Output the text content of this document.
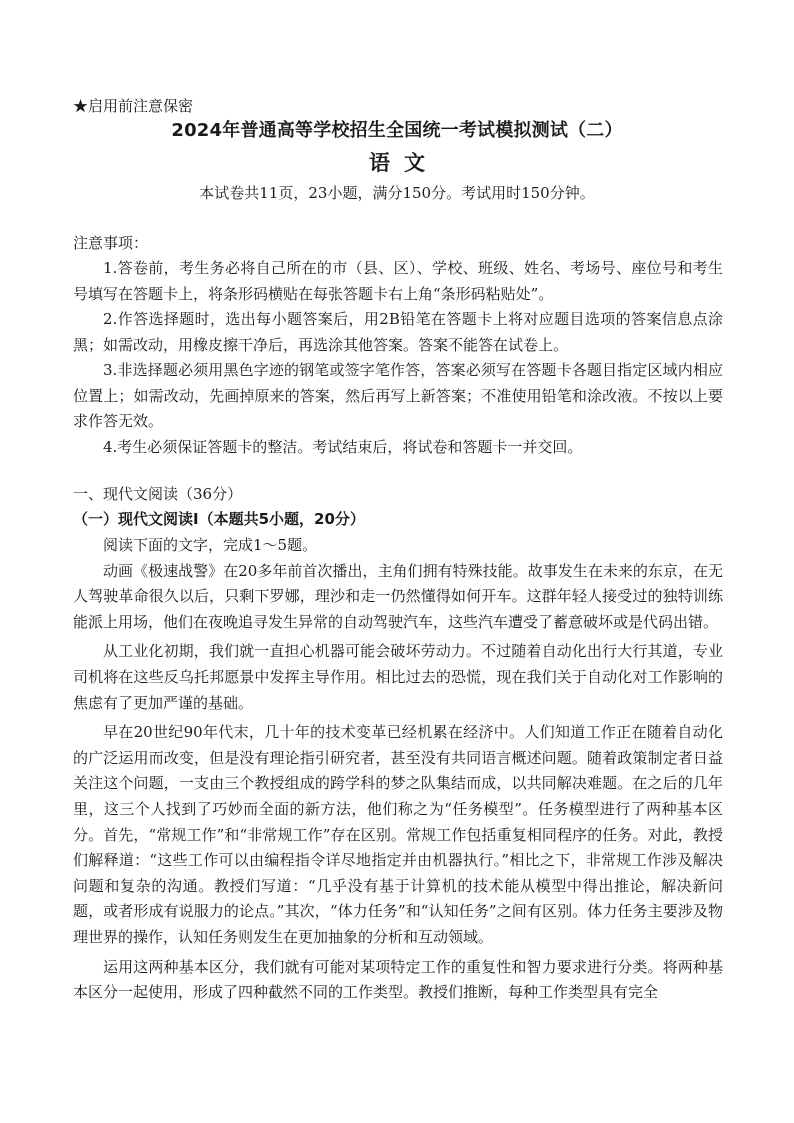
★启用前注意保密
2024年普通高等学校招生全国统一考试模拟测试（二）
语文
本试卷共11页，23小题，满分150分。考试用时150分钟。
注意事项：

1.答卷前，考生务必将自己所在的市（县、区）、学校、班级、姓名、考场号、座位号和考生号填写在答题卡上，将条形码横贴在每张答题卡右上角“条形码粘贴处”。

2.作答选择题时，选出每小题答案后，用2B铅笔在答题卡上将对应题目选项的答案信息点涂黑；如需改动，用橡皮擦干净后，再选涂其他答案。答案不能答在试卷上。

3.非选择题必须用黑色字迹的钢笔或签字笔作答，答案必须写在答题卡各题目指定区域内相应位置上；如需改动，先画掉原来的答案，然后再写上新答案；不准使用铅笔和涂改液。不按以上要求作答无效。

4.考生必须保证答题卡的整洁。考试结束后，将试卷和答题卡一并交回。

一、现代文阅读（36分）
（一）现代文阅读Ⅰ（本题共5小题，20分）

阅读下面的文字，完成1～5题。

动画《极速战警》在20多年前首次播出，主角们拥有特殊技能。故事发生在未来的东京，在无人驾驶革命很久以后，只剩下罗娜，理沙和走一仍然懂得如何开车。这群年轻人接受过的独特训练能派上用场，他们在夜晚追寻发生异常的自动驾驶汽车，这些汽车遭受了蓄意破坏或是代码出错。

从工业化初期，我们就一直担心机器可能会破坏劳动力。不过随着自动化出行大行其道，专业司机将在这些反乌托邦愿景中发挥主导作用。相比过去的恐慌，现在我们关于自动化对工作影响的焦虑有了更加严谨的基础。

早在20世纪90年代末，几十年的技术变革已经机累在经济中。人们知道工作正在随着自动化的广泛运用而改变，但是没有理论指引研究者，甚至没有共同语言概述问题。随着政策制定者日益关注这个问题，一支由三个教授组成的跨学科的梦之队集结而成，以共同解决难题。在之后的几年里，这三个人找到了巧妙而全面的新方法，他们称之为“任务模型”。任务模型进行了两种基本区分。首先，“常规工作”和“非常规工作”存在区别。常规工作包括重复相同程序的任务。对此，教授们解释道：“这些工作可以由编程指令详尽地指定并由机器执行。”相比之下，非常规工作涉及解决问题和复杂的沟通。教授们写道：“几乎没有基于计算机的技术能从模型中得出推论，解决新问题，或者形成有说服力的论点。”其次，“体力任务”和“认知任务”之间有区别。体力任务主要涉及物理世界的操作，认知任务则发生在更加抽象的分析和互动领域。

运用这两种基本区分，我们就有可能对某项特定工作的重复性和智力要求进行分类。将两种基本区分一起使用，形成了四种截然不同的工作类型。教授们推断，每种工作类型具有完全
